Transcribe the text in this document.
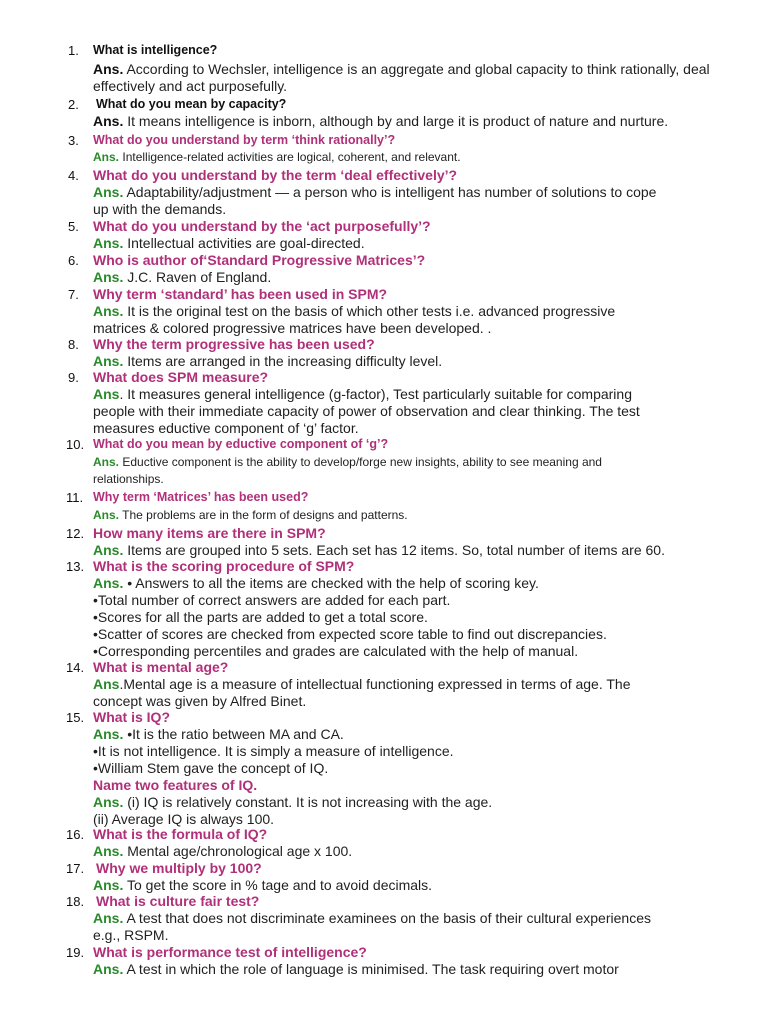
1. What is intelligence?
Ans. According to Wechsler, intelligence is an aggregate and global capacity to think rationally, deal
effectively and act purposefully.
2. What do you mean by capacity?
Ans. It means intelligence is inborn, although by and large it is product of nature and nurture.
3. What do you understand by term ‘think rationally’?
Ans. Intelligence-related activities are logical, coherent, and relevant.
4. What do you understand by the term ‘deal effectively’?
Ans. Adaptability/adjustment — a person who is intelligent has number of solutions to cope
up with the demands.
5. What do you understand by the ‘act purposefully’?
Ans. Intellectual activities are goal-directed.
6. Who is author of‘Standard Progressive Matrices’?
Ans. J.C. Raven of England.
7. Why term ‘standard’ has been used in SPM?
Ans. It is the original test on the basis of which other tests i.e. advanced progressive
matrices & colored progressive matrices have been developed. .
8. Why the term progressive has been used?
Ans. Items are arranged in the increasing difficulty level.
9. What does SPM measure?
Ans. It measures general intelligence (g-factor), Test particularly suitable for comparing
people with their immediate capacity of power of observation and clear thinking. The test
measures eductive component of ‘g’ factor.
10. What do you mean by eductive component of ‘g’?
Ans. Eductive component is the ability to develop/forge new insights, ability to see meaning and
relationships.
11. Why term ‘Matrices’ has been used?
Ans. The problems are in the form of designs and patterns.
12. How many items are there in SPM?
Ans. Items are grouped into 5 sets. Each set has 12 items. So, total number of items are 60.
13. What is the scoring procedure of SPM?
Ans. • Answers to all the items are checked with the help of scoring key.
•Total number of correct answers are added for each part.
•Scores for all the parts are added to get a total score.
•Scatter of scores are checked from expected score table to find out discrepancies.
•Corresponding percentiles and grades are calculated with the help of manual.
14. What is mental age?
Ans.Mental age is a measure of intellectual functioning expressed in terms of age. The
concept was given by Alfred Binet.
15. What is IQ?
Ans. •It is the ratio between MA and CA.
•It is not intelligence. It is simply a measure of intelligence.
•William Stem gave the concept of IQ.
Name two features of IQ.
Ans. (i) IQ is relatively constant. It is not increasing with the age.
(ii) Average IQ is always 100.
16. What is the formula of IQ?
Ans. Mental age/chronological age x 100.
17. Why we multiply by 100?
Ans. To get the score in % tage and to avoid decimals.
18. What is culture fair test?
Ans. A test that does not discriminate examinees on the basis of their cultural experiences
e.g., RSPM.
19. What is performance test of intelligence?
Ans. A test in which the role of language is minimised. The task requiring overt motor
